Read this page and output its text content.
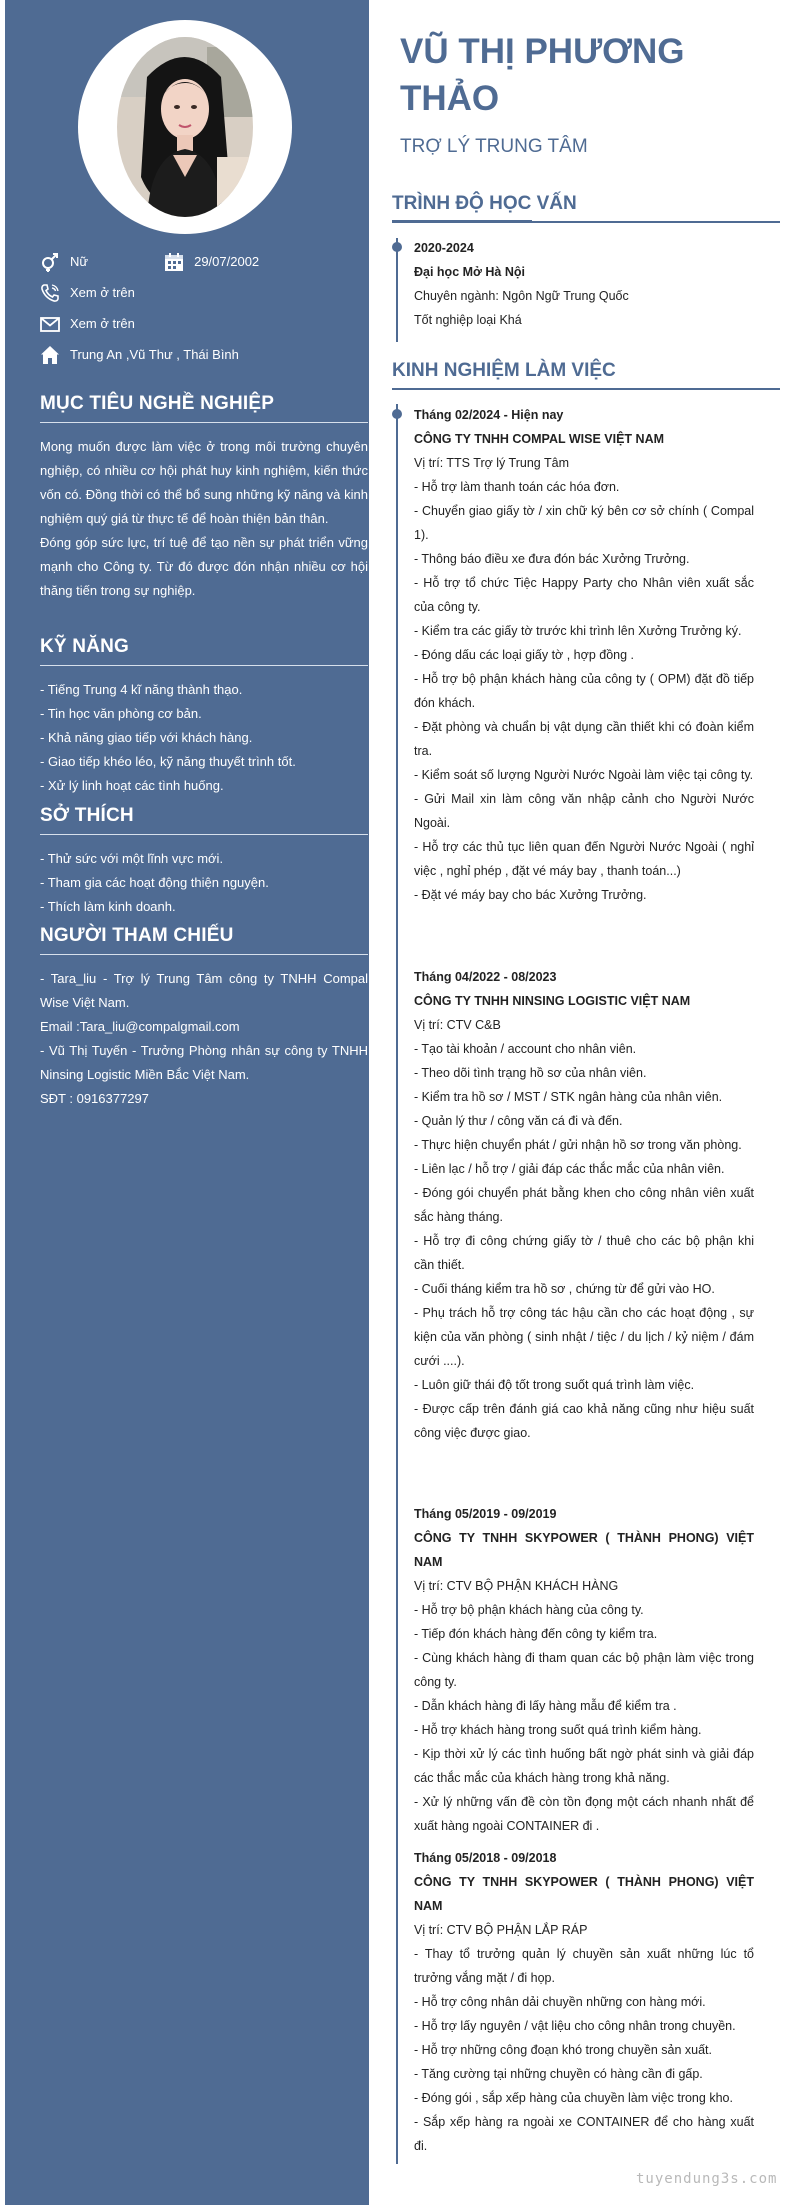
Nữ	29/07/2002
Xem ở trên
Xem ở trên
Trung An ,Vũ Thư , Thái Bình
MỤC TIÊU NGHỀ NGHIỆP
Mong muốn được làm việc ở trong môi trường chuyên nghiệp, có nhiều cơ hội phát huy kinh nghiệm, kiến thức vốn có. Đồng thời có thể bổ sung những kỹ năng và kinh nghiệm quý giá từ thực tế để hoàn thiện bản thân.
Đóng góp sức lực, trí tuệ để tạo nền sự phát triển vững mạnh cho Công ty. Từ đó được đón nhận nhiều cơ hội thăng tiến trong sự nghiệp.
KỸ NĂNG
- Tiếng Trung 4 kĩ năng thành thạo.
- Tin học văn phòng cơ bản.
- Khả năng giao tiếp với khách hàng.
- Giao tiếp khéo léo, kỹ năng thuyết trình tốt.
- Xử lý linh hoạt các tình huống.
SỞ THÍCH
- Thử sức với một lĩnh vực mới.
- Tham gia các hoạt động thiện nguyện.
- Thích làm kinh doanh.
NGƯỜI THAM CHIẾU
- Tara_liu - Trợ lý Trung Tâm công ty TNHH Compal Wise Việt Nam.
Email :Tara_liu@compalgmail.com
- Vũ Thị Tuyến - Trưởng Phòng nhân sự công ty TNHH Ninsing Logistic Miền Bắc Việt Nam.
SĐT : 0916377297
VŨ THỊ PHƯƠNG THẢO
TRỢ LÝ TRUNG TÂM
TRÌNH ĐỘ HỌC VẤN
2020-2024
Đại học Mở Hà Nội
Chuyên ngành: Ngôn Ngữ Trung Quốc
Tốt nghiệp loại Khá
KINH NGHIỆM LÀM VIỆC
Tháng 02/2024 - Hiện nay
CÔNG TY TNHH COMPAL WISE VIỆT NAM
Vị trí: TTS Trợ lý Trung Tâm
- Hỗ trợ làm thanh toán các hóa đơn.
- Chuyển giao giấy tờ / xin chữ ký bên cơ sở chính ( Compal 1).
- Thông báo điều xe đưa đón bác Xưởng Trưởng.
- Hỗ trợ tổ chức Tiệc Happy Party cho Nhân viên xuất sắc của công ty.
- Kiểm tra các giấy tờ trước khi trình lên Xưởng Trưởng ký.
- Đóng dấu các loại giấy tờ , hợp đồng .
- Hỗ trợ bộ phận khách hàng của công ty ( OPM) đặt đồ tiếp đón khách.
- Đặt phòng và chuẩn bị vật dụng cần thiết khi có đoàn kiểm tra.
- Kiểm soát số lượng Người Nước Ngoài làm việc tại công ty.
- Gửi Mail xin làm công văn nhập cảnh cho Người Nước Ngoài.
- Hỗ trợ các thủ tục liên quan đến Người Nước Ngoài ( nghỉ việc , nghỉ phép , đặt vé máy bay , thanh toán...)
- Đặt vé máy bay cho bác Xưởng Trưởng.
Tháng 04/2022 - 08/2023
CÔNG TY TNHH NINSING LOGISTIC VIỆT NAM
Vị trí: CTV C&B
- Tạo tài khoản / account cho nhân viên.
- Theo dõi tình trạng hồ sơ của nhân viên.
- Kiểm tra hồ sơ / MST / STK ngân hàng của nhân viên.
- Quản lý thư / công văn cá đi và đến.
- Thực hiện chuyển phát / gửi nhận hồ sơ trong văn phòng.
- Liên lạc / hỗ trợ / giải đáp các thắc mắc của nhân viên.
- Đóng gói chuyển phát bằng khen cho công nhân viên xuất sắc hàng tháng.
- Hỗ trợ đi công chứng giấy tờ / thuê cho các bộ phận khi cần thiết.
- Cuối tháng kiểm tra hồ sơ , chứng từ để gửi vào HO.
- Phụ trách hỗ trợ công tác hậu cần cho các hoạt động , sự kiện của văn phòng ( sinh nhật / tiệc / du lịch / kỷ niệm / đám cưới ....).
- Luôn giữ thái độ tốt trong suốt quá trình làm việc.
- Được cấp trên đánh giá cao khả năng cũng như hiệu suất công việc được giao.
Tháng 05/2019 - 09/2019
CÔNG TY TNHH SKYPOWER ( THÀNH PHONG) VIỆT NAM
Vị trí: CTV BỘ PHẬN KHÁCH HÀNG
- Hỗ trợ bộ phận khách hàng của công ty.
- Tiếp đón khách hàng đến công ty kiểm tra.
- Cùng khách hàng đi tham quan các bộ phận làm việc trong công ty.
- Dẫn khách hàng đi lấy hàng mẫu để kiểm tra .
- Hỗ trợ khách hàng trong suốt quá trình kiểm hàng.
- Kịp thời xử lý các tình huống bất ngờ phát sinh và giải đáp các thắc mắc của khách hàng trong khả năng.
- Xử lý những vấn đề còn tồn đọng một cách nhanh nhất để xuất hàng ngoài CONTAINER đi .
Tháng 05/2018 - 09/2018
CÔNG TY TNHH SKYPOWER ( THÀNH PHONG) VIỆT NAM
Vị trí: CTV BỘ PHẬN LẮP RÁP
- Thay tổ trưởng quản lý chuyền sản xuất những lúc tổ trưởng vắng mặt / đi họp.
- Hỗ trợ công nhân dải chuyền những con hàng mới.
- Hỗ trợ lấy nguyên / vật liệu cho công nhân trong chuyền.
- Hỗ trợ những công đoạn khó trong chuyền sản xuất.
- Tăng cường tại những chuyền có hàng cần đi gấp.
- Đóng gói , sắp xếp hàng của chuyền làm việc trong kho.
- Sắp xếp hàng ra ngoài xe CONTAINER để cho hàng xuất đi.
tuyendung3s.com
